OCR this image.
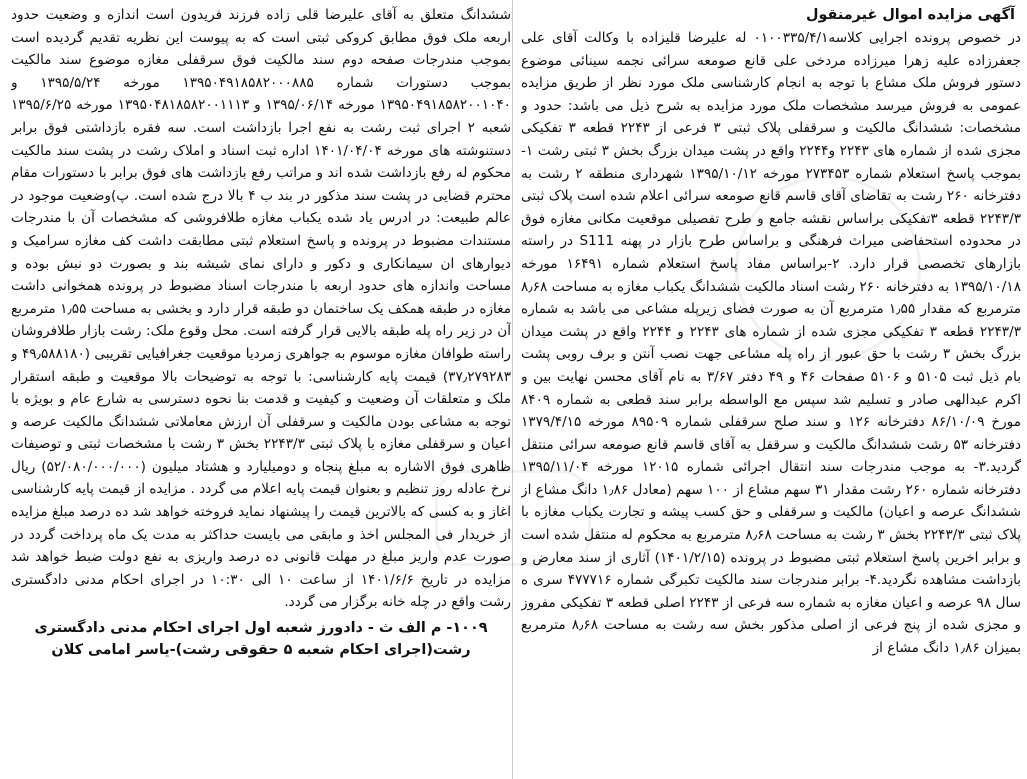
آگهی مزایده اموال غیرمنقول

در خصوص پرونده اجرایی کلاسه۰۱۰۰۳۳۵/۴/۱ له علیرضا قلیزاده با وکالت آقای علی جعفرزاده علیه زهرا میرزاده مردخی علی قانع صومعه سرائی نجمه سینائی موضوع دستور فروش ملک مشاع با توجه به انجام کارشناسی ملک مورد نظر از طریق مزایده عمومی به فروش میرسد مشخصات ملک مورد مزایده به شرح ذیل می باشد: حدود و مشخصات: ششدانگ مالکیت و سرقفلی پلاک ثبتی ۳ فرعی از ۲۲۴۳ قطعه ۳ تفکیکی مجزی شده از شماره های ۲۲۴۳ و۲۲۴۴ واقع در پشت میدان بزرگ بخش ۳ ثبتی رشت ۱-بموجب پاسخ استعلام شماره ۲۷۳۴۵۳ مورخه ۱۳۹۵/۱۰/۱۲ شهرداری منطقه ۲ رشت به دفترخانه ۲۶۰ رشت به تقاضای آقای قاسم قانع صومعه سرائی اعلام شده است پلاک ثبتی ۲۲۴۳/۳ قطعه ۳تفکیکی براساس نقشه جامع و طرح تفصیلی موقعیت مکانی مغازه فوق در محدوده استحفاضی میراث فرهنگی و براساس طرح بازار در پهنه S111 در راسته بازارهای تخصصی قرار دارد. ۲-براساس مفاد پاسخ استعلام شماره ۱۶۴۹۱ مورخه ۱۳۹۵/۱۰/۱۸ به دفترخانه ۲۶۰ رشت اسناد مالکیت ششدانگ یکباب مغازه به مساحت ۸٫۶۸ مترمربع که مقدار ۱٫۵۵ مترمربع آن به صورت فضای زیرپله مشاعی می باشد به شماره ۲۲۴۳/۳ قطعه ۳ تفکیکی مجزی شده از شماره های ۲۲۴۳ و ۲۲۴۴ واقع در پشت میدان بزرگ بخش ۳ رشت با حق عبور از راه پله مشاعی جهت نصب آنتن و برف روبی پشت بام ذیل ثبت ۵۱۰۵ و ۵۱۰۶ صفحات ۴۶ و ۴۹ دفتر ۳/۶۷ به نام آقای محسن نهایت بین و اکرم عبدالهی صادر و تسلیم شد سپس مع الواسطه برابر سند قطعی به شماره ۸۴۰۹ مورخ ۸۶/۱۰/۰۹ دفترخانه ۱۲۶ و سند صلح سرقفلی شماره ۸۹۵۰۹ مورخه ۱۳۷۹/۴/۱۵ دفترخانه ۵۳ رشت ششدانگ مالکیت و سرقفل به آقای قاسم قانع صومعه سرائی منتقل گردید.۳- به موجب مندرجات سند انتقال اجرائی شماره ۱۲۰۱۵ مورخه ۱۳۹۵/۱۱/۰۴ دفترخانه شماره ۲۶۰ رشت مقدار ۳۱ سهم مشاع از ۱۰۰ سهم (معادل ۱٫۸۶ دانگ مشاع از ششدانگ عرصه و اعیان) مالکیت و سرقفلی و حق کسب پیشه و تجارت یکباب مغازه با پلاک ثبتی ۲۲۴۳/۳ بخش ۳ رشت به مساحت ۸٫۶۸ مترمربع به محکوم له منتقل شده است و برابر اخرین پاسخ استعلام ثبتی مضبوط در پرونده (۱۴۰۱/۲/۱۵) آثاری از سند معارض و بازداشت مشاهده نگردید.۴- برابر مندرجات سند مالکیت تکبرگی شماره ۴۷۷۷۱۶ سری ه سال ۹۸ عرصه و اعیان مغازه به شماره سه فرعی از ۲۲۴۳ اصلی قطعه ۳ تفکیکی مفروز و مجزی شده از پنج فرعی از اصلی مذکور بخش سه رشت به مساحت ۸٫۶۸ مترمربع بمیزان ۱٫۸۶ دانگ مشاع از

ششدانگ متعلق به آقای علیرضا قلی زاده فرزند فریدون است اندازه و وضعیت حدود اربعه ملک فوق مطابق کروکی ثبتی است که به پیوست این نظریه تقدیم گردیده است بموجب مندرجات صفحه دوم سند مالکیت فوق سرقفلی مغازه موضوع سند مالکیت بموجب دستورات شماره ۱۳۹۵۰۴۹۱۸۵۸۲۰۰۰۸۸۵ مورخه ۱۳۹۵/۵/۲۴ و ۱۳۹۵۰۴۹۱۸۵۸۲۰۰۱۰۴۰ مورخه ۱۳۹۵/۰۶/۱۴ و ۱۳۹۵۰۴۸۱۸۵۸۲۰۰۱۱۱۳ مورخه ۱۳۹۵/۶/۲۵ شعبه ۲ اجرای ثبت رشت به نفع اجرا بازداشت است. سه فقره بازداشتی فوق برابر دستنوشته های مورخه ۱۴۰۱/۰۴/۰۴ اداره ثبت اسناد و املاک رشت در پشت سند مالکیت محکوم له رفع بازداشت شده اند و مراتب رفع بازداشت های فوق برابر با دستورات مقام محترم قضایی در پشت سند مذکور در بند ب ۴ بالا درج شده است. پ)وضعیت موجود در عالم طبیعت: در ادرس یاد شده یکباب مغازه طلافروشی که مشخصات آن با مندرجات مستندات مضبوط در پرونده و پاسخ استعلام ثبتی مطابقت داشت کف مغازه سرامیک و دیوارهای ان سیمانکاری و دکور و دارای نمای شیشه بند و بصورت دو نبش بوده و مساحت واندازه های حدود اربعه با مندرجات اسناد مضبوط در پرونده همخوانی داشت مغازه در طبقه همکف یک ساختمان دو طبقه قرار دارد و بخشی به مساحت ۱٫۵۵ مترمربع آن در زیر راه پله طبقه بالایی قرار گرفته است. محل وقوع ملک: رشت بازار طلافروشان راسته طوافان مغازه موسوم به جواهری زمردیا موقعیت جغرافیایی تقریبی (۴۹٫۵۸۸۱۸۰ و ۳۷٫۲۷۹۲۸۳) قیمت پایه کارشناسی: با توجه به توضیحات بالا موقعیت و طبقه استقرار ملک و متعلقات آن وضعیت و کیفیت و قدمت بنا نحوه دسترسی به شارع عام و بویژه با توجه به مشاعی بودن مالکیت و سرقفلی آن ارزش معاملاتی ششدانگ مالکیت عرصه و اعیان و سرقفلی مغازه با پلاک ثبتی ۲۲۴۳/۳ بخش ۳ رشت با مشخصات ثبتی و توصیفات ظاهری فوق الاشاره به مبلغ پنجاه و دومیلیارد و هشتاد میلیون (۵۲/۰۸۰/۰۰۰/۰۰۰) ریال نرخ عادله روز تنظیم و بعنوان قیمت پایه اعلام می گردد . مزایده از قیمت پایه کارشناسی اغاز و به کسی که بالاترین قیمت را پیشنهاد نماید فروخته خواهد شد ده درصد مبلغ مزایده از خریدار فی المجلس اخذ و مابقی می بایست حداکثر به مدت یک ماه پرداخت گردد در صورت عدم واریز مبلغ در مهلت قانونی ده درصد واریزی به نفع دولت ضبط خواهد شد مزایده در تاریخ ۱۴۰۱/۶/۶ از ساعت ۱۰ الی ۱۰:۳۰ در اجرای احکام مدنی دادگستری رشت واقع در چله خانه برگزار می گردد.

۱۰۰۹- م الف ث - دادورز شعبه اول اجرای احکام مدنی دادگستری
رشت(اجرای احکام شعبه ۵ حقوقی رشت)-یاسر امامی کلان
